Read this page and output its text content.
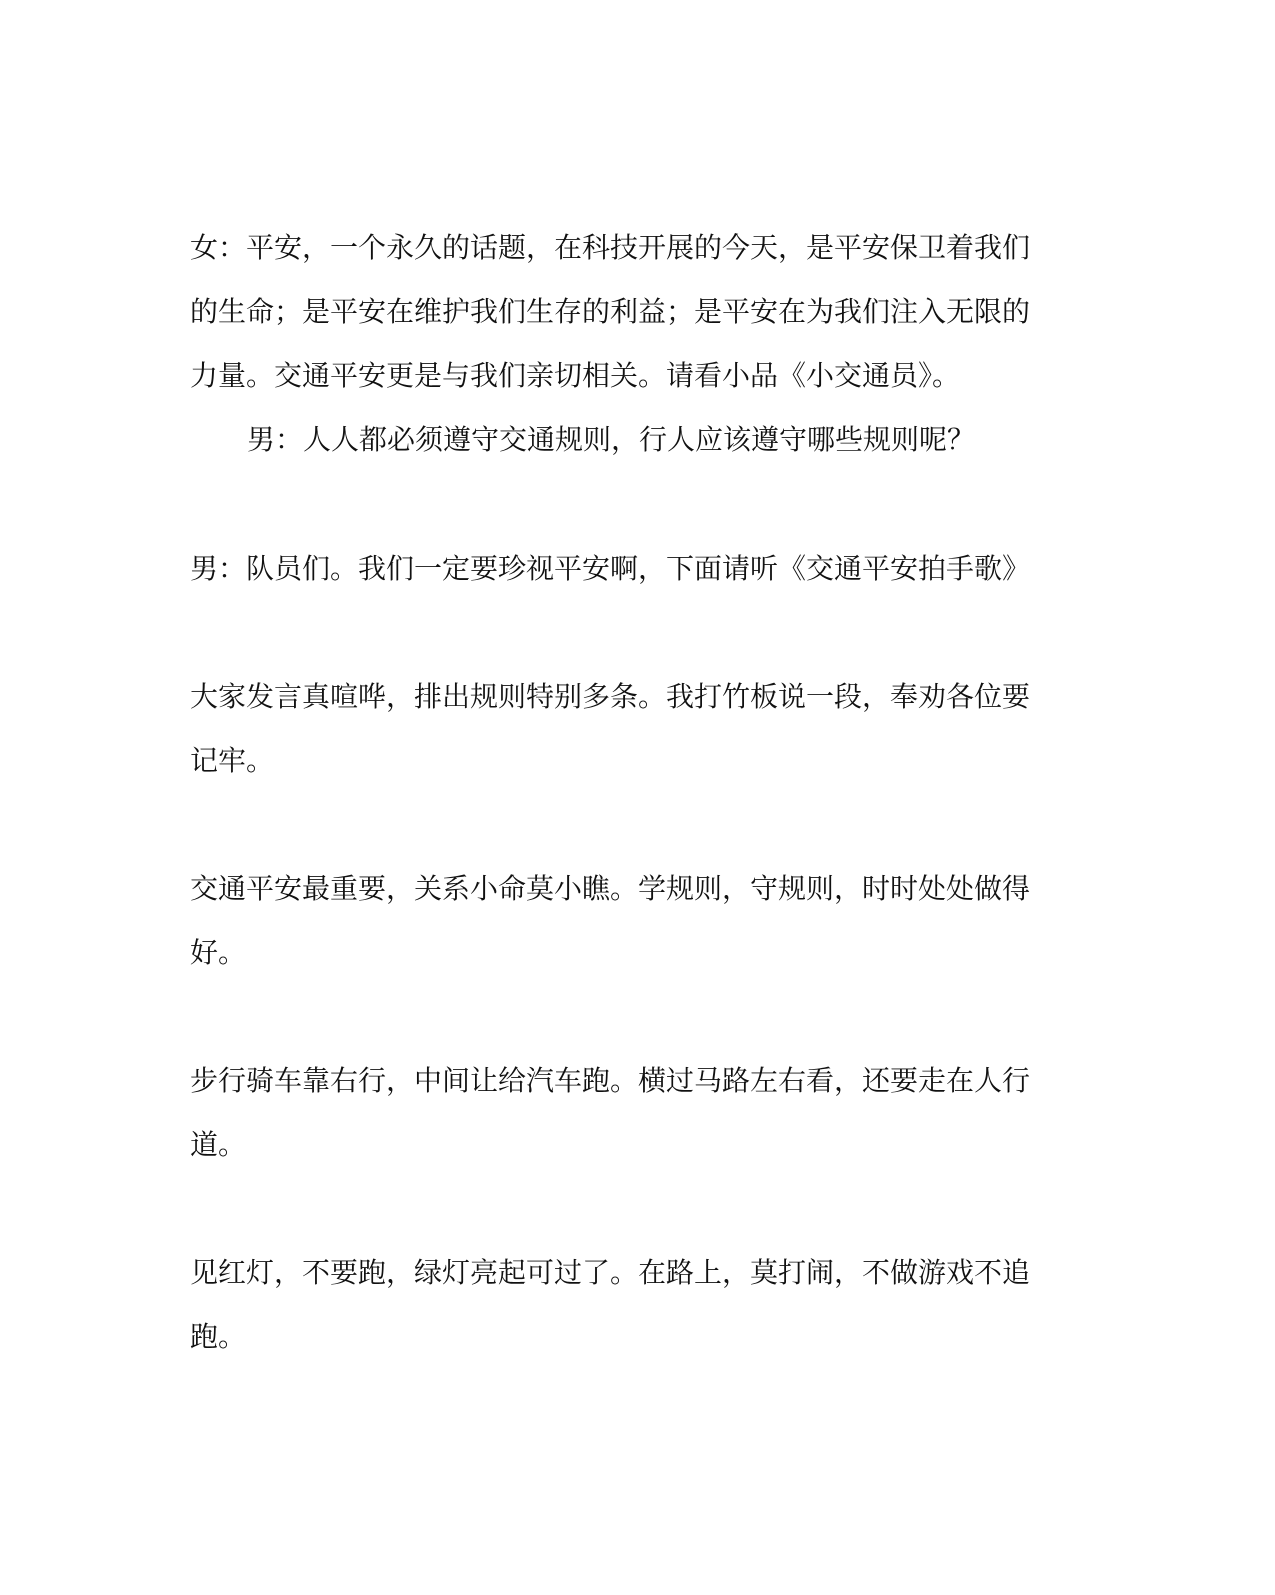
女：平安，一个永久的话题，在科技开展的今天，是平安保卫着我们
的生命；是平安在维护我们生存的利益；是平安在为我们注入无限的
力量。交通平安更是与我们亲切相关。请看小品《小交通员》。
男：人人都必须遵守交通规则，行人应该遵守哪些规则呢？
男：队员们。我们一定要珍视平安啊，下面请听《交通平安拍手歌》
大家发言真喧哗，排出规则特别多条。我打竹板说一段，奉劝各位要
记牢。
交通平安最重要，关系小命莫小瞧。学规则，守规则，时时处处做得
好。
步行骑车靠右行，中间让给汽车跑。横过马路左右看，还要走在人行
道。
见红灯，不要跑，绿灯亮起可过了。在路上，莫打闹，不做游戏不追
跑。
